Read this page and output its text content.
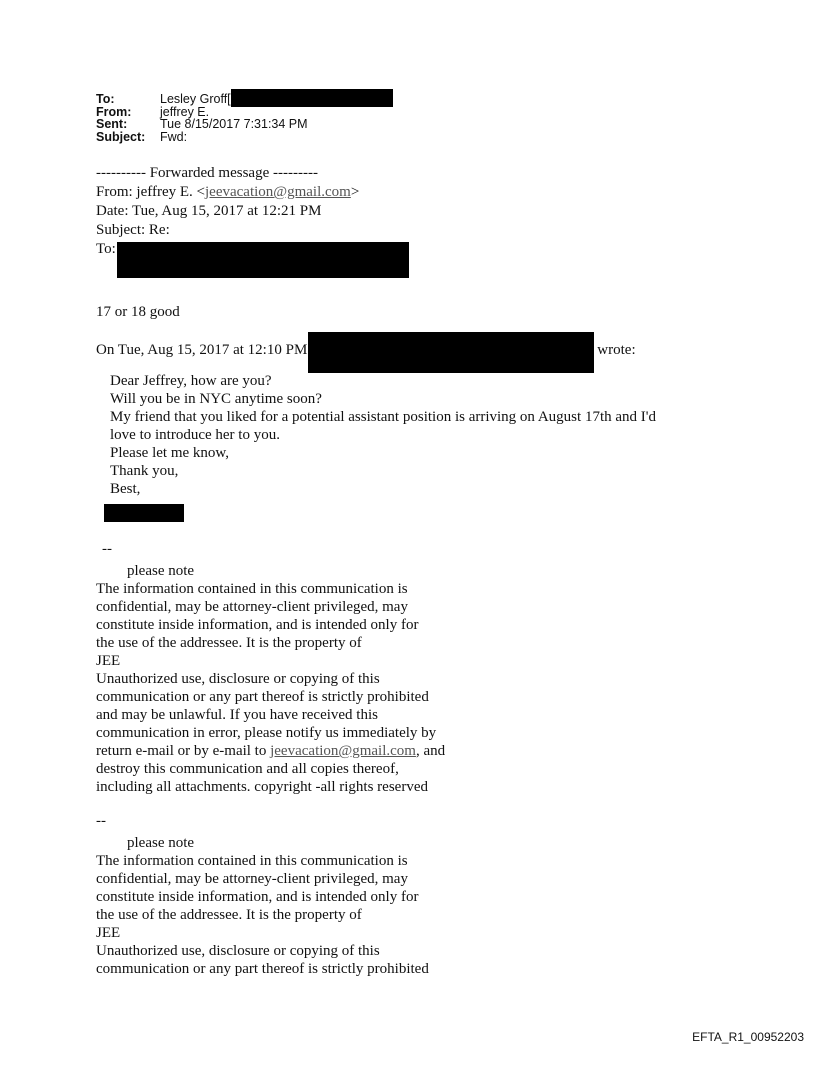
To:	Lesley Groff[
From:	jeffrey E.
Sent:	Tue 8/15/2017 7:31:34 PM
Subject:	Fwd:
---------- Forwarded message ---------
From: jeffrey E. <jeevacation@gmail.com>
Date: Tue, Aug 15, 2017 at 12:21 PM
Subject: Re:
To:
17 or 18 good
On Tue, Aug 15, 2017 at 12:10 PM	wrote:
Dear Jeffrey, how are you?
Will you be in NYC anytime soon?
My friend that you liked for a potential assistant position is arriving on August 17th and I'd
love to introduce her to you.
Please let me know,
Thank you,
Best,
--
please note
The information contained in this communication is
confidential, may be attorney-client privileged, may
constitute inside information, and is intended only for
the use of the addressee. It is the property of
JEE
Unauthorized use, disclosure or copying of this
communication or any part thereof is strictly prohibited
and may be unlawful. If you have received this
communication in error, please notify us immediately by
return e-mail or by e-mail to jeevacation@gmail.com, and
destroy this communication and all copies thereof,
including all attachments. copyright -all rights reserved
--
please note
The information contained in this communication is
confidential, may be attorney-client privileged, may
constitute inside information, and is intended only for
the use of the addressee. It is the property of
JEE
Unauthorized use, disclosure or copying of this
communication or any part thereof is strictly prohibited
EFTA_R1_00952203
